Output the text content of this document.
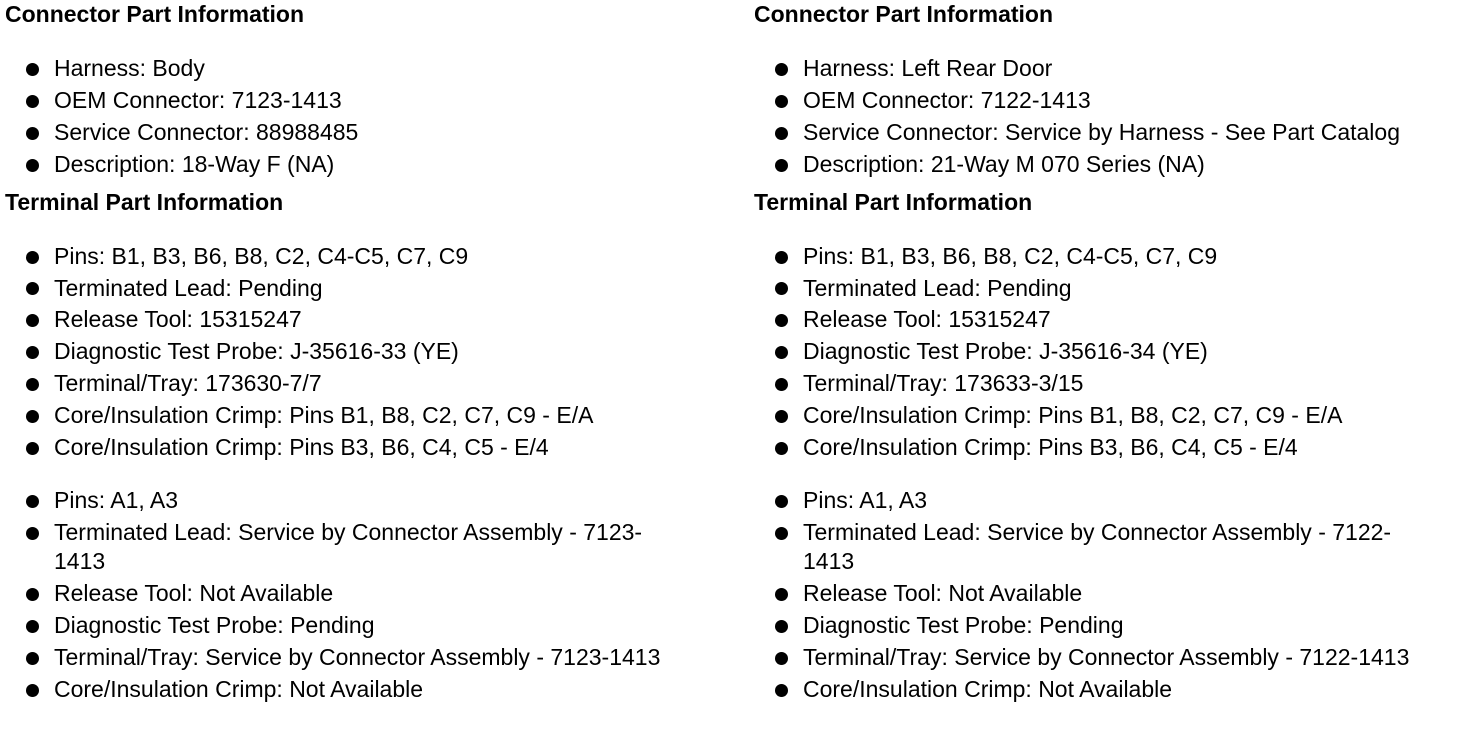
Connector Part Information
Harness: Body
OEM Connector: 7123-1413
Service Connector: 88988485
Description: 18-Way F (NA)
Terminal Part Information
Pins: B1, B3, B6, B8, C2, C4-C5, C7, C9
Terminated Lead: Pending
Release Tool: 15315247
Diagnostic Test Probe: J-35616-33 (YE)
Terminal/Tray: 173630-7/7
Core/Insulation Crimp: Pins B1, B8, C2, C7, C9 - E/A
Core/Insulation Crimp: Pins B3, B6, C4, C5 - E/4
Pins: A1, A3
Terminated Lead: Service by Connector Assembly - 7123-1413
Release Tool: Not Available
Diagnostic Test Probe: Pending
Terminal/Tray: Service by Connector Assembly - 7123-1413
Core/Insulation Crimp: Not Available
Connector Part Information
Harness: Left Rear Door
OEM Connector: 7122-1413
Service Connector: Service by Harness - See Part Catalog
Description: 21-Way M 070 Series (NA)
Terminal Part Information
Pins: B1, B3, B6, B8, C2, C4-C5, C7, C9
Terminated Lead: Pending
Release Tool: 15315247
Diagnostic Test Probe: J-35616-34 (YE)
Terminal/Tray: 173633-3/15
Core/Insulation Crimp: Pins B1, B8, C2, C7, C9 - E/A
Core/Insulation Crimp: Pins B3, B6, C4, C5 - E/4
Pins: A1, A3
Terminated Lead: Service by Connector Assembly - 7122-1413
Release Tool: Not Available
Diagnostic Test Probe: Pending
Terminal/Tray: Service by Connector Assembly - 7122-1413
Core/Insulation Crimp: Not Available
